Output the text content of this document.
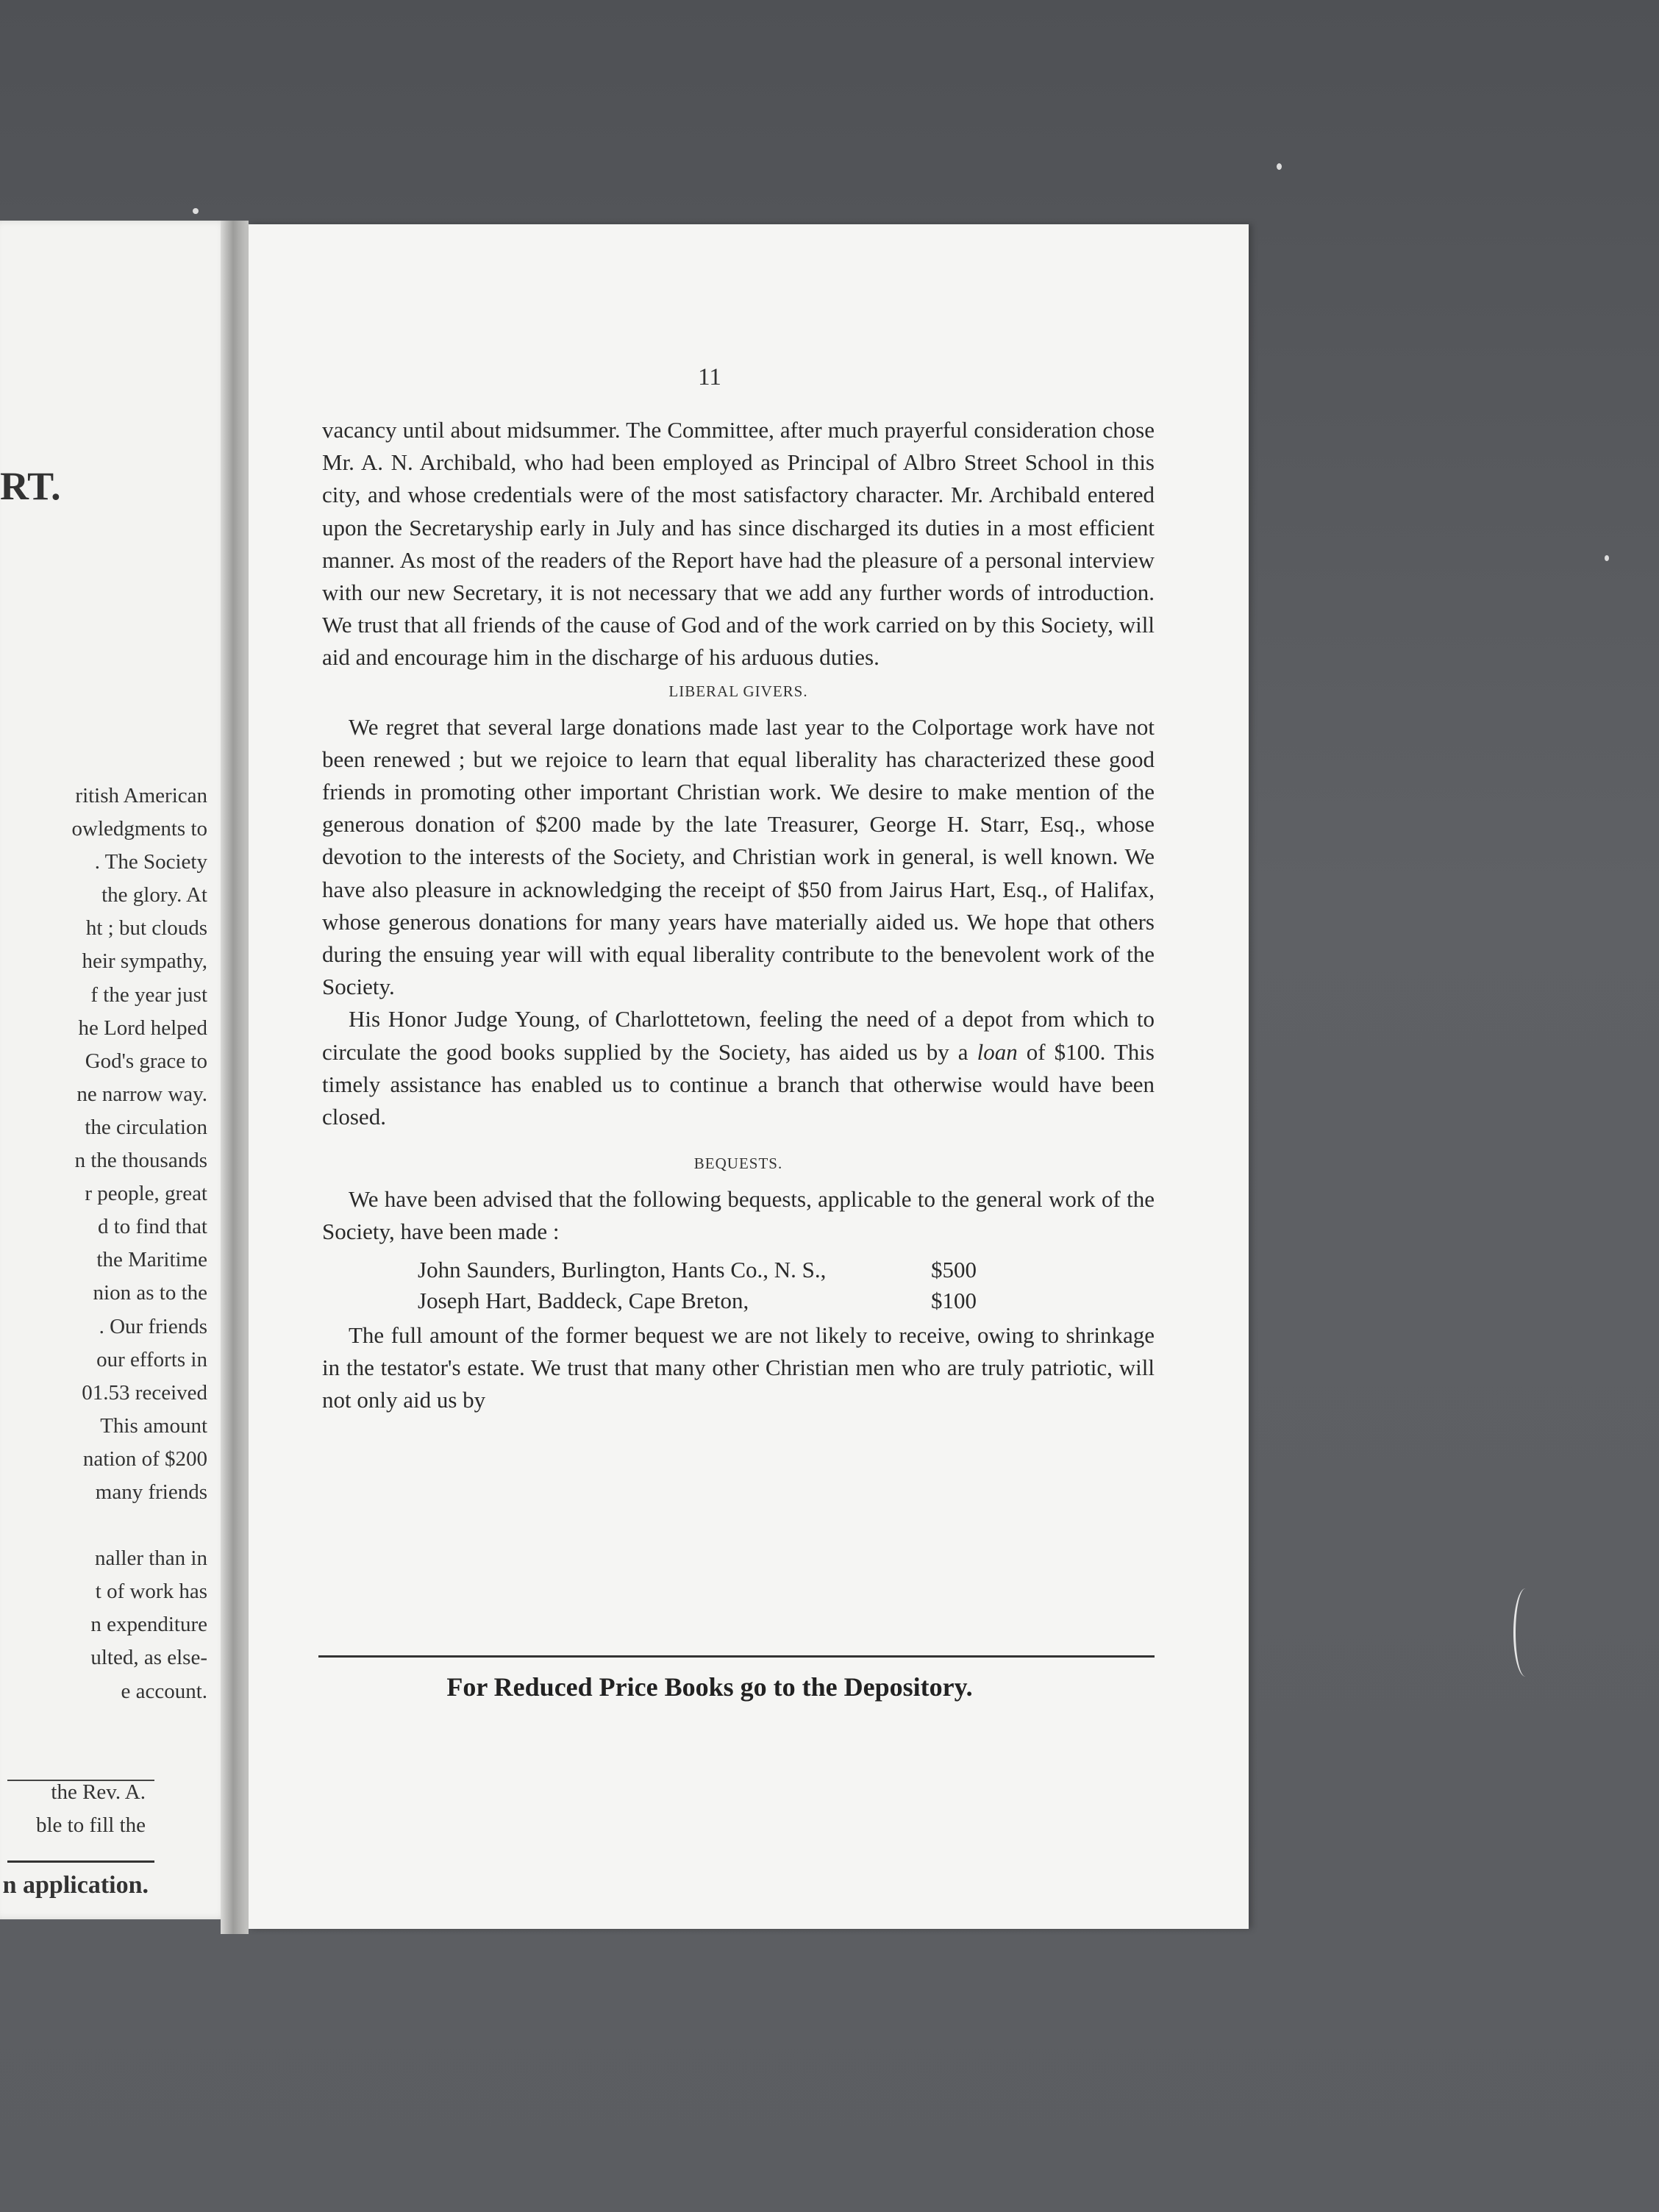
RT.
ritish American
owledgments to
. The Society
the glory. At
ht ; but clouds
heir sympathy,
f the year just
he Lord helped
God's grace to
ne narrow way.
the circulation
n the thousands
r people, great
d to find that
the Maritime
nion as to the
. Our friends
our efforts in
01.53 received
This amount
nation of $200
many friends

naller than in
t of work has
n expenditure
ulted, as else-
e account.
the Rev. A.
ble to fill the
n application.
11

vacancy until about midsummer. The Committee, after much prayerful consideration chose Mr. A. N. Archibald, who had been employed as Principal of Albro Street School in this city, and whose credentials were of the most satisfactory character. Mr. Archibald entered upon the Secretaryship early in July and has since discharged its duties in a most efficient manner. As most of the readers of the Report have had the pleasure of a personal interview with our new Secretary, it is not necessary that we add any further words of introduction. We trust that all friends of the cause of God and of the work carried on by this Society, will aid and encourage him in the discharge of his arduous duties.

LIBERAL GIVERS.

We regret that several large donations made last year to the Colportage work have not been renewed ; but we rejoice to learn that equal liberality has characterized these good friends in promoting other important Christian work. We desire to make mention of the generous donation of $200 made by the late Treasurer, George H. Starr, Esq., whose devotion to the interests of the Society, and Christian work in general, is well known. We have also pleasure in acknowledging the receipt of $50 from Jairus Hart, Esq., of Halifax, whose generous donations for many years have materially aided us. We hope that others during the ensuing year will with equal liberality contribute to the benevolent work of the Society.

His Honor Judge Young, of Charlottetown, feeling the need of a depot from which to circulate the good books supplied by the Society, has aided us by a loan of $100. This timely assistance has enabled us to continue a branch that otherwise would have been closed.

BEQUESTS.

We have been advised that the following bequests, applicable to the general work of the Society, have been made :

John Saunders, Burlington, Hants Co., N. S.,	$500
Joseph Hart, Baddeck, Cape Breton,	$100

The full amount of the former bequest we are not likely to receive, owing to shrinkage in the testator's estate. We trust that many other Christian men who are truly patriotic, will not only aid us by

For Reduced Price Books go to the Depository.
